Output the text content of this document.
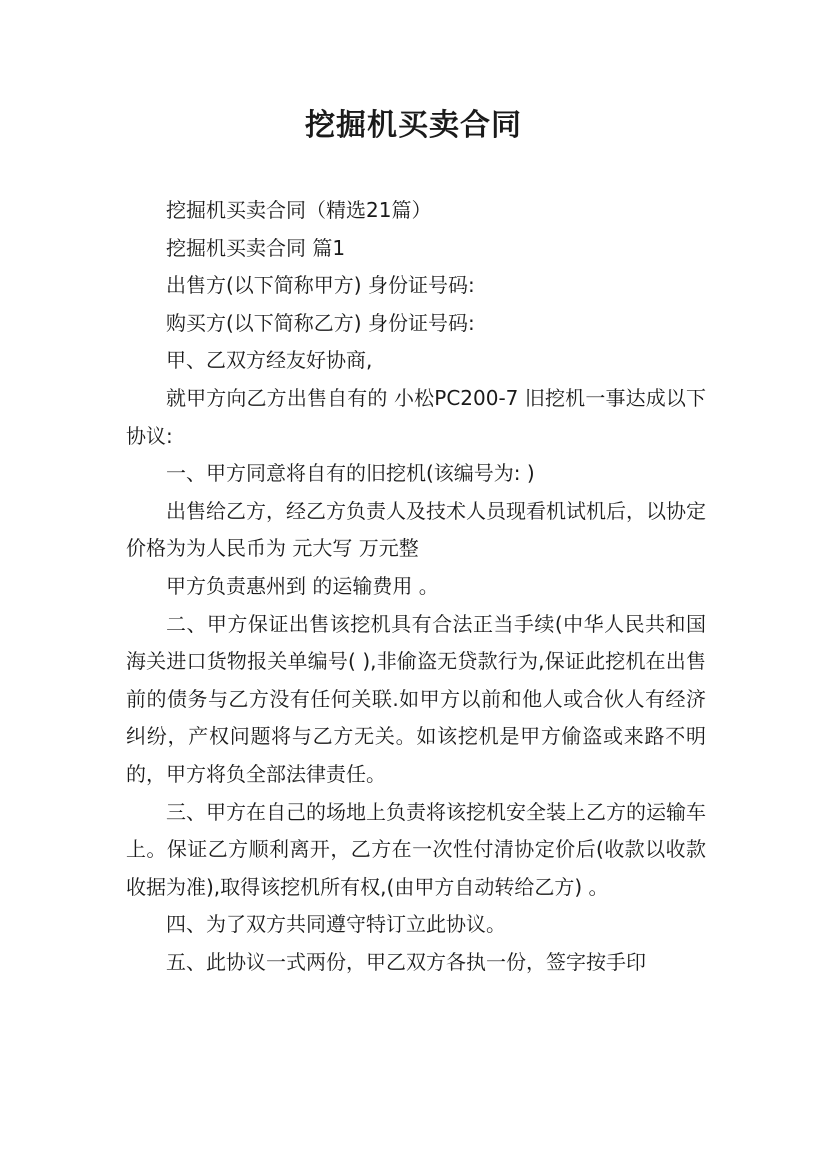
挖掘机买卖合同

挖掘机买卖合同（精选21篇）

挖掘机买卖合同 篇1

出售方(以下简称甲方) 身份证号码:

购买方(以下简称乙方) 身份证号码:

甲、乙双方经友好协商,

就甲方向乙方出售自有的 小松PC200-7 旧挖机一事达成以下协议:

一、甲方同意将自有的旧挖机(该编号为: )

出售给乙方，经乙方负责人及技术人员现看机试机后，以协定价格为为人民币为 元大写 万元整

甲方负责惠州到 的运输费用 。

二、甲方保证出售该挖机具有合法正当手续(中华人民共和国海关进口货物报关单编号( ),非偷盗无贷款行为,保证此挖机在出售前的债务与乙方没有任何关联.如甲方以前和他人或合伙人有经济纠纷，产权问题将与乙方无关。如该挖机是甲方偷盗或来路不明的，甲方将负全部法律责任。

三、甲方在自己的场地上负责将该挖机安全装上乙方的运输车上。保证乙方顺利离开，乙方在一次性付清协定价后(收款以收款收据为准),取得该挖机所有权,(由甲方自动转给乙方) 。

四、为了双方共同遵守特订立此协议。

五、此协议一式两份，甲乙双方各执一份，签字按手印
